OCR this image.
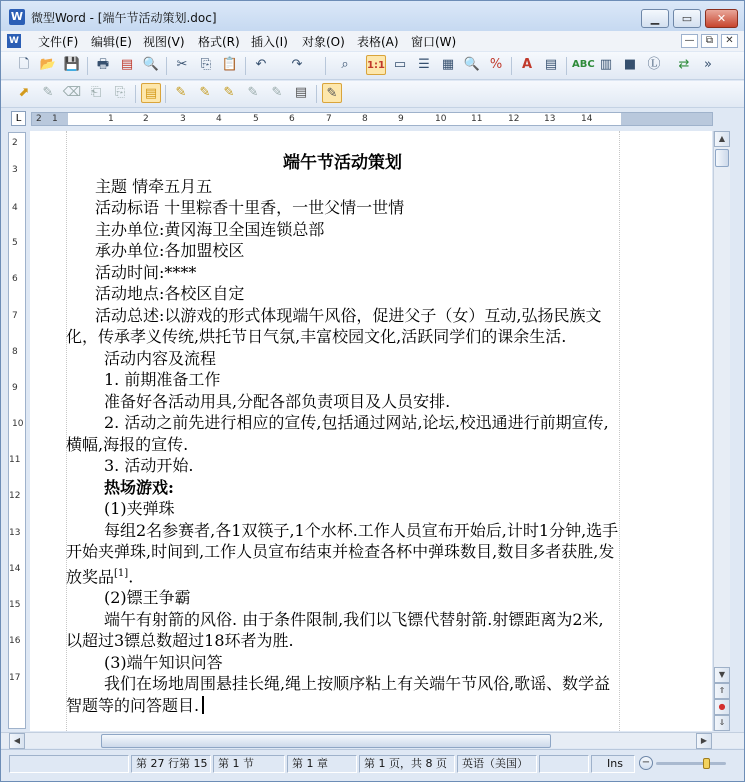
W 微型Word - [端午节活动策划.doc]	▁	▭	✕
W 文件(F) 编辑(E) 视图(V) 格式(R) 插入(I) 对象(O) 表格(A) 窗口(W)	—	⧉	✕
🗋 📂 💾 🖶 ▤ 🔍	✂	⎘ 📋	↶	↷	⌕	1:1 ▭ ☰ ▦ 🔍 %	A ▤	ABC ▥ ■ Ⓛ	⇄	»
⬈	✎ ⌫ ⎗	⎘	▤	✎	✎	✎	✎	✎ ▤	✎
L	1	2	3	4	5	6	7	8	9	10	11	12	13	14
2 1
2
3
4
5
6
7
8
9
10
11
12
13
14
15
16
17

端午节活动策划

主题 情牵五月五

活动标语 十里粽香十里香，一世父情一世情

主办单位:黄冈海卫全国连锁总部

承办单位:各加盟校区

活动时间:****

活动地点:各校区自定

活动总述:以游戏的形式体现端午风俗，促进父子（女）互动,弘扬民族文化，传承孝义传统,烘托节日气氛,丰富校园文化,活跃同学们的课余生活.

活动内容及流程

1. 前期准备工作

准备好各活动用具,分配各部负责项目及人员安排.

2. 活动之前先进行相应的宣传,包括通过网站,论坛,校迅通进行前期宣传,横幅,海报的宣传.

3. 活动开始.

热场游戏:

(1)夹弹珠

每组2名参赛者,各1双筷子,1个水杯.工作人员宣布开始后,计时1分钟,选手开始夹弹珠,时间到,工作人员宣布结束并检查各杯中弹珠数目,数目多者获胜,发放奖品[1].

(2)镖王争霸

端午有射箭的风俗. 由于条件限制,我们以飞镖代替射箭.射镖距离为2米,以超过3镖总数超过18环者为胜.

(3)端午知识问答

我们在场地周围悬挂长绳,绳上按顺序粘上有关端午节风俗,歌谣、数学益智题等的问答题目.

▲
▼
⇑
●
⇓
◀	▶
第 27 行第 15 第 1 节	第 1 章	第 1 页，共 8 页	英语（美国）	Ins	−
